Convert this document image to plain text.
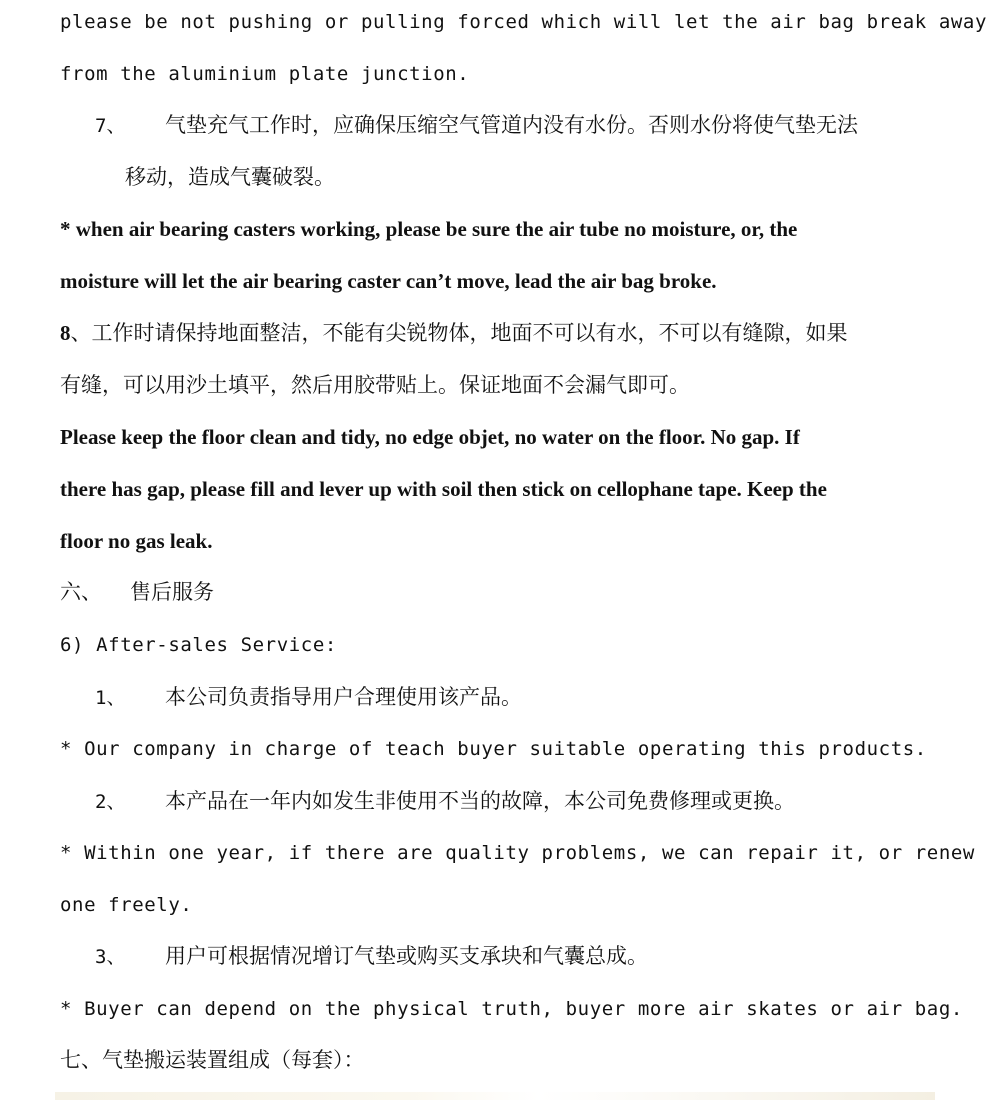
please be not pushing or pulling forced which will let the air bag break away
from the aluminium plate junction.
7、 气垫充气工作时，应确保压缩空气管道内没有水份。否则水份将使气垫无法
移动，造成气囊破裂。
* when air bearing casters working, please be sure the air tube no moisture, or, the
moisture will let the air bearing caster can’t move, lead the air bag broke.
8、工作时请保持地面整洁，不能有尖锐物体，地面不可以有水，不可以有缝隙，如果
有缝，可以用沙土填平，然后用胶带贴上。保证地面不会漏气即可。
Please keep the floor clean and tidy, no edge objet, no water on the floor. No gap. If
there has gap, please fill and lever up with soil then stick on cellophane tape. Keep the
floor no gas leak.
六、 售后服务
6) After-sales Service:
1、 本公司负责指导用户合理使用该产品。
* Our company in charge of teach buyer suitable operating this products.
2、 本产品在一年内如发生非使用不当的故障，本公司免费修理或更换。
* Within one year, if there are quality problems, we can repair it, or renew
one freely.
3、 用户可根据情况增订气垫或购买支承块和气囊总成。
* Buyer can depend on the physical truth, buyer more air skates or air bag.
七、气垫搬运装置组成（每套）：
